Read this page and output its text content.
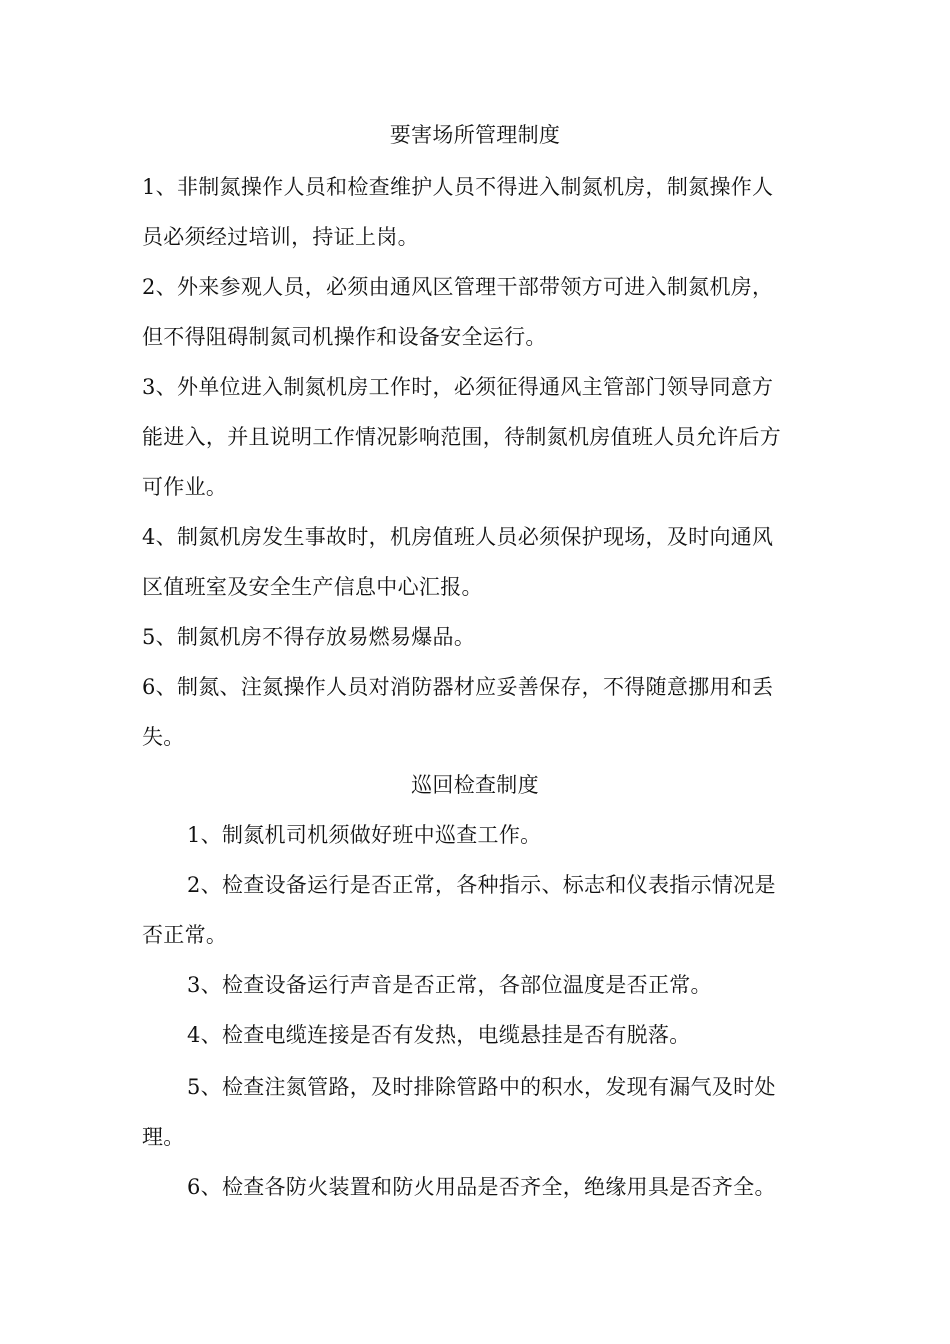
要害场所管理制度
1、非制氮操作人员和检查维护人员不得进入制氮机房，制氮操作人
员必须经过培训，持证上岗。
2、外来参观人员，必须由通风区管理干部带领方可进入制氮机房，
但不得阻碍制氮司机操作和设备安全运行。
3、外单位进入制氮机房工作时，必须征得通风主管部门领导同意方
能进入，并且说明工作情况影响范围，待制氮机房值班人员允许后方
可作业。
4、制氮机房发生事故时，机房值班人员必须保护现场，及时向通风
区值班室及安全生产信息中心汇报。
5、制氮机房不得存放易燃易爆品。
6、制氮、注氮操作人员对消防器材应妥善保存，不得随意挪用和丢
失。
巡回检查制度
1、制氮机司机须做好班中巡查工作。
2、检查设备运行是否正常，各种指示、标志和仪表指示情况是
否正常。
3、检查设备运行声音是否正常，各部位温度是否正常。
4、检查电缆连接是否有发热，电缆悬挂是否有脱落。
5、检查注氮管路，及时排除管路中的积水，发现有漏气及时处
理。
6、检查各防火装置和防火用品是否齐全，绝缘用具是否齐全。
